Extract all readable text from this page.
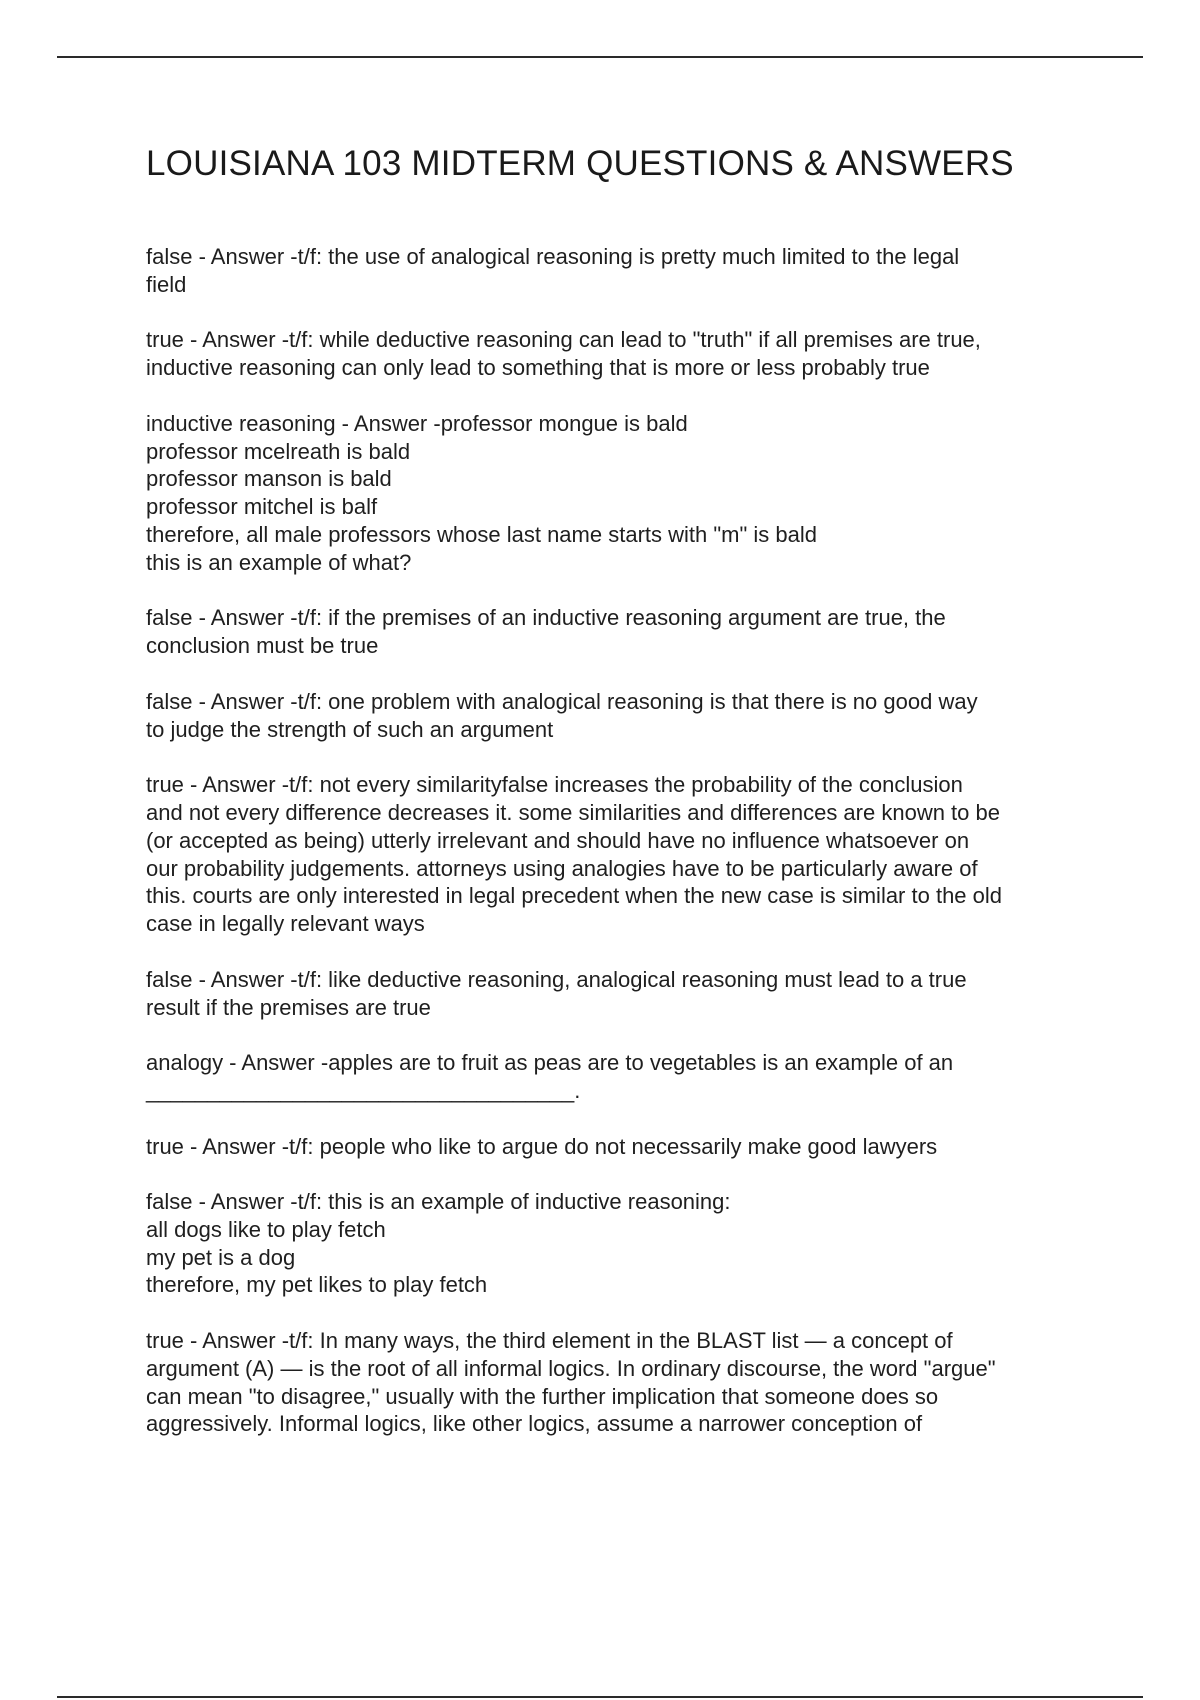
LOUISIANA 103 MIDTERM QUESTIONS & ANSWERS
false - Answer -t/f: the use of analogical reasoning is pretty much limited to the legal
field
true - Answer -t/f: while deductive reasoning can lead to "truth" if all premises are true,
inductive reasoning can only lead to something that is more or less probably true
inductive reasoning - Answer -professor mongue is bald
professor mcelreath is bald
professor manson is bald
professor mitchel is balf
therefore, all male professors whose last name starts with "m" is bald
this is an example of what?
false - Answer -t/f: if the premises of an inductive reasoning argument are true, the
conclusion must be true
false - Answer -t/f: one problem with analogical reasoning is that there is no good way
to judge the strength of such an argument
true - Answer -t/f: not every similarityfalse increases the probability of the conclusion
and not every difference decreases it. some similarities and differences are known to be
(or accepted as being) utterly irrelevant and should have no influence whatsoever on
our probability judgements. attorneys using analogies have to be particularly aware of
this. courts are only interested in legal precedent when the new case is similar to the old
case in legally relevant ways
false - Answer -t/f: like deductive reasoning, analogical reasoning must lead to a true
result if the premises are true
analogy - Answer -apples are to fruit as peas are to vegetables is an example of an
___________________________________.
true - Answer -t/f: people who like to argue do not necessarily make good lawyers
false - Answer -t/f: this is an example of inductive reasoning:
all dogs like to play fetch
my pet is a dog
therefore, my pet likes to play fetch
true - Answer -t/f: In many ways, the third element in the BLAST list — a concept of
argument (A) — is the root of all informal logics. In ordinary discourse, the word "argue"
can mean "to disagree," usually with the further implication that someone does so
aggressively. Informal logics, like other logics, assume a narrower conception of
